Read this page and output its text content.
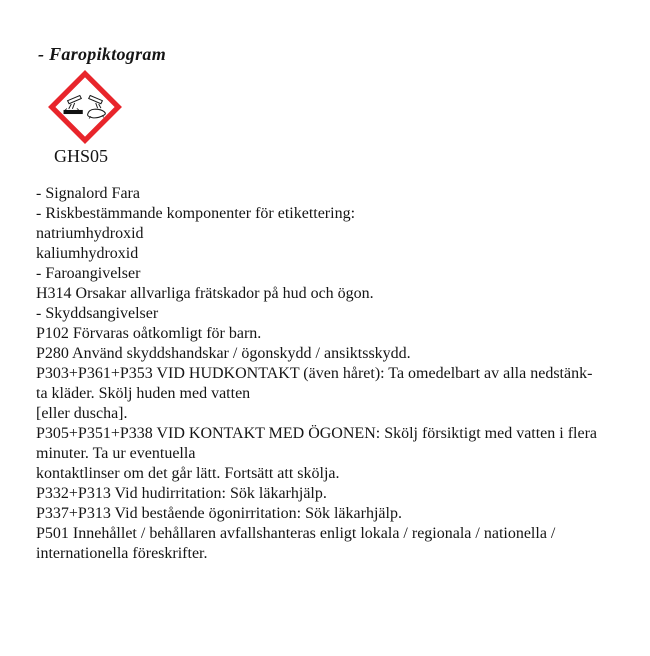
- Faropiktogram
GHS05
- Signalord Fara
- Riskbestämmande komponenter för etikettering:
natriumhydroxid
kaliumhydroxid
- Faroangivelser
H314 Orsakar allvarliga frätskador på hud och ögon.
- Skyddsangivelser
P102 Förvaras oåtkomligt för barn.
P280 Använd skyddshandskar / ögonskydd / ansiktsskydd.
P303+P361+P353 VID HUDKONTAKT (även håret): Ta omedelbart av alla nedstänk-
ta kläder. Skölj huden med vatten
[eller duscha].
P305+P351+P338 VID KONTAKT MED ÖGONEN: Skölj försiktigt med vatten i flera
minuter. Ta ur eventuella
kontaktlinser om det går lätt. Fortsätt att skölja.
P332+P313 Vid hudirritation: Sök läkarhjälp.
P337+P313 Vid bestående ögonirritation: Sök läkarhjälp.
P501 Innehållet / behållaren avfallshanteras enligt lokala / regionala / nationella /
internationella föreskrifter.
